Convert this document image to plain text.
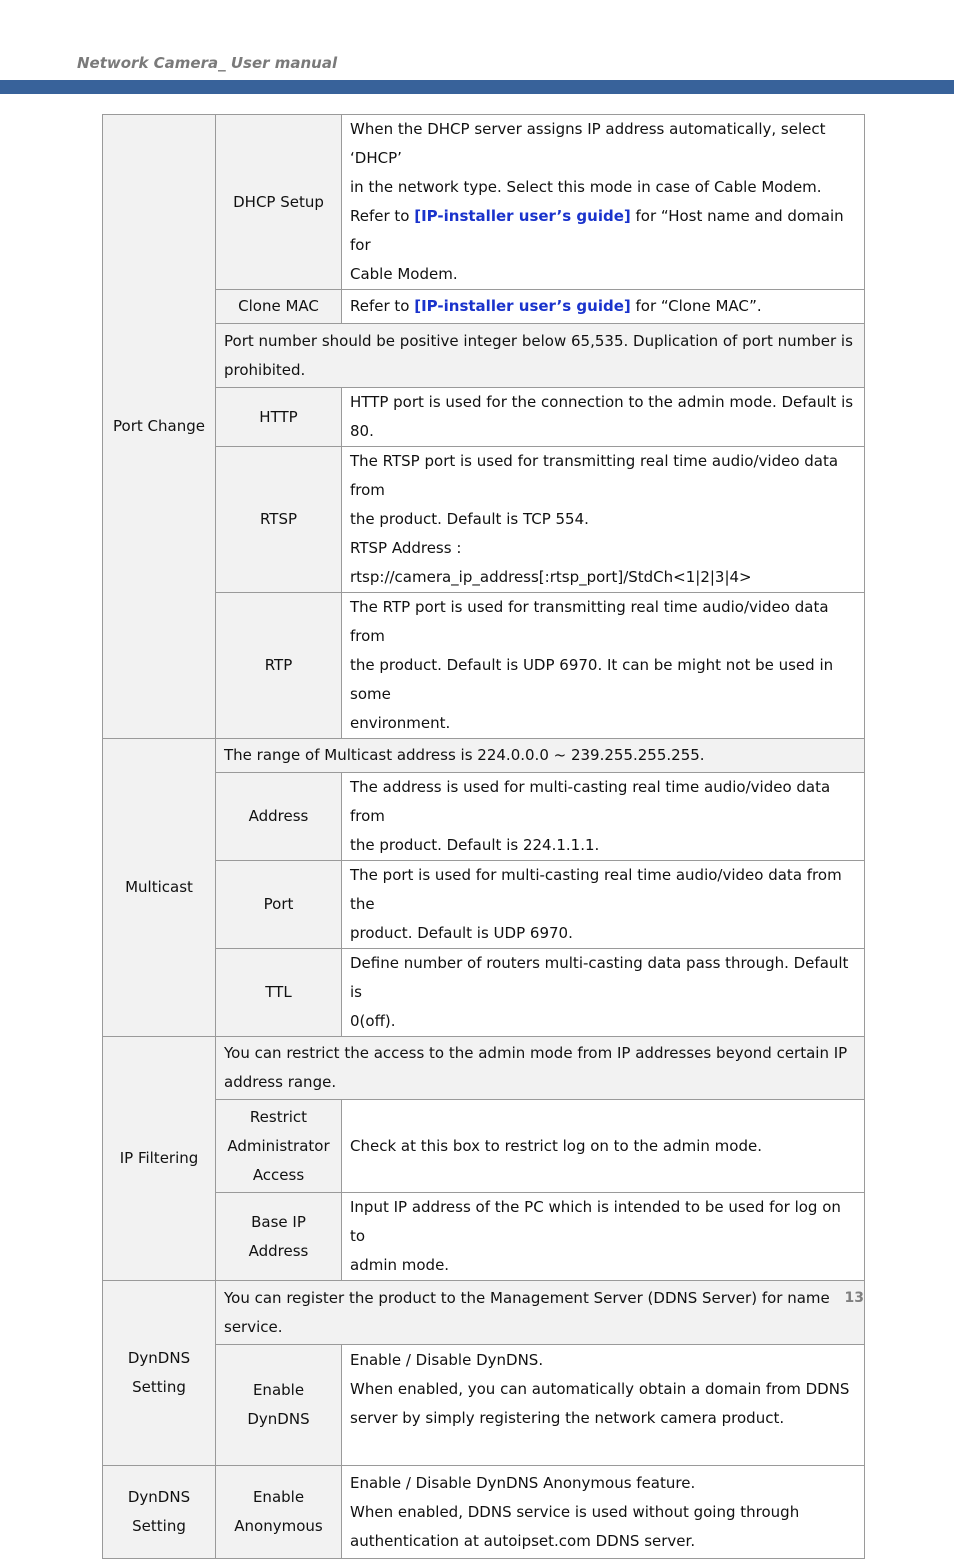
Network Camera_ User manual
Port Change	DHCP Setup	When the DHCP server assigns IP address automatically, select ‘DHCP’
in the network type. Select this mode in case of Cable Modem.
Refer to [IP-installer user’s guide] for “Host name and domain for
Cable Modem.

	Clone MAC	Refer to [IP-installer user’s guide] for “Clone MAC”.

	Port number should be positive integer below 65,535. Duplication of port number is
prohibited.	

	HTTP	HTTP port is used for the connection to the admin mode. Default is 80.
	RTSP	The RTSP port is used for transmitting real time audio/video data from
the product. Default is TCP 554.
RTSP Address : rtsp://camera_ip_address[:rtsp_port]/StdCh<1|2|3|4>

	RTP	The RTP port is used for transmitting real time audio/video data from
the product. Default is UDP 6970. It can be might not be used in some
environment.

Multicast	The range of Multicast address is 224.0.0.0 ~ 239.255.255.255.	
	Address	The address is used for multi-casting real time audio/video data from
the product. Default is 224.1.1.1.

	Port	The port is used for multi-casting real time audio/video data from the
product. Default is UDP 6970.

	TTL	Define number of routers multi-casting data pass through. Default is
0(off).

IP Filtering	You can restrict the access to the admin mode from IP addresses beyond certain IP
address range.	

	Restrict
Administrator
Access	Check at this box to restrict log on to the admin mode.

	Base IP
Address	Input IP address of the PC which is intended to be used for log on to
admin mode.

DynDNS
Setting	You can register the product to the Management Server (DDNS Server) for name
service.	

	Enable
DynDNS	Enable / Disable DynDNS.
When enabled, you can automatically obtain a domain from DDNS
server by simply registering the network camera product.

DynDNS
Setting	Enable
Anonymous	Enable / Disable DynDNS Anonymous feature.
When enabled, DDNS service is used without going through
authentication at autoipset.com DDNS server.
13
